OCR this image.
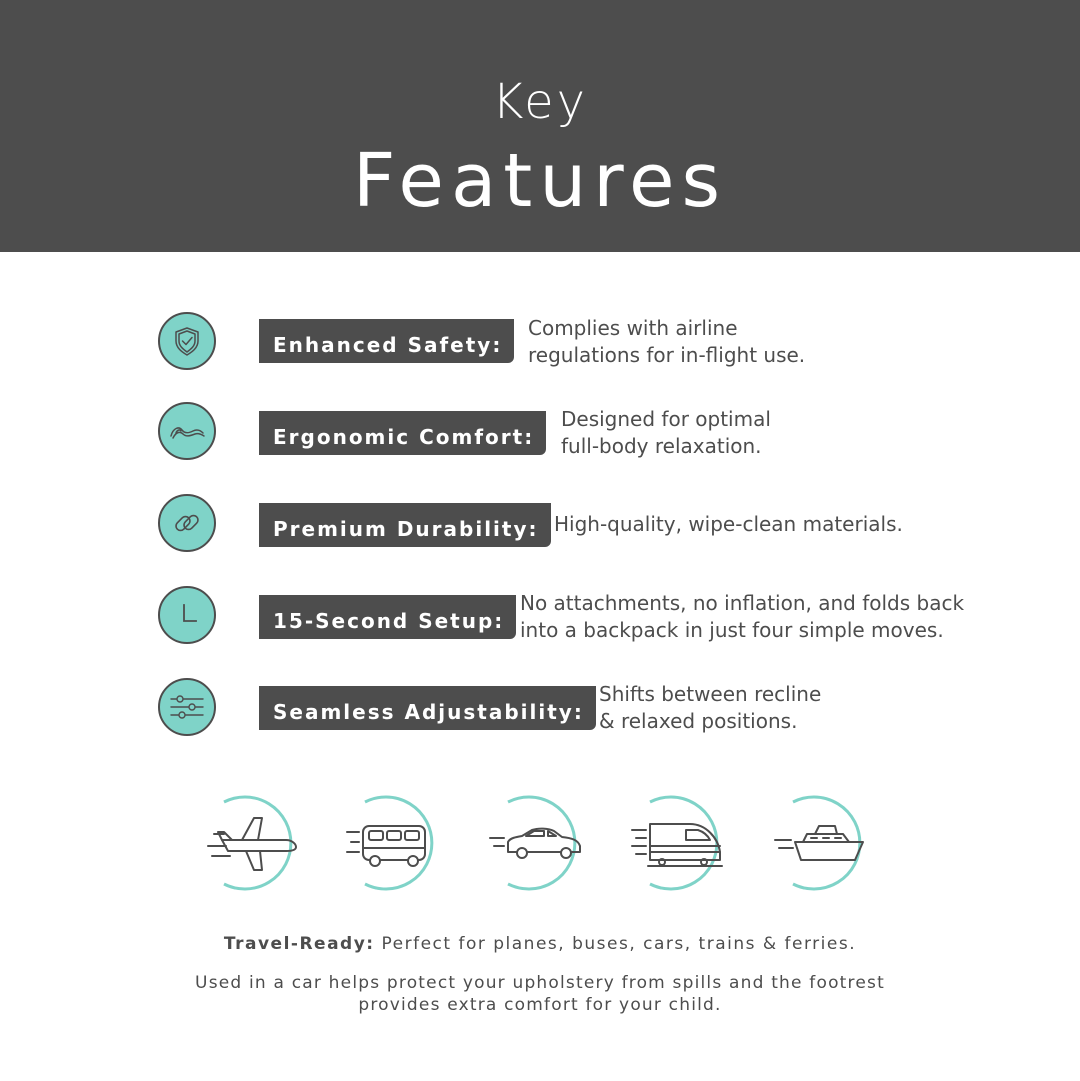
Key
Features
Enhanced Safety:
Complies with airline
regulations for in-flight use.
Ergonomic Comfort:
Designed for optimal
full-body relaxation.
Premium Durability: High-quality, wipe-clean materials.
15-Second Setup:
No attachments, no inflation, and folds back
into a backpack in just four simple moves.
Seamless Adjustability:
Shifts between recline
& relaxed positions.
Travel-Ready: Perfect for planes, buses, cars, trains & ferries.
Used in a car helps protect your upholstery from spills and the footrest
provides extra comfort for your child.
